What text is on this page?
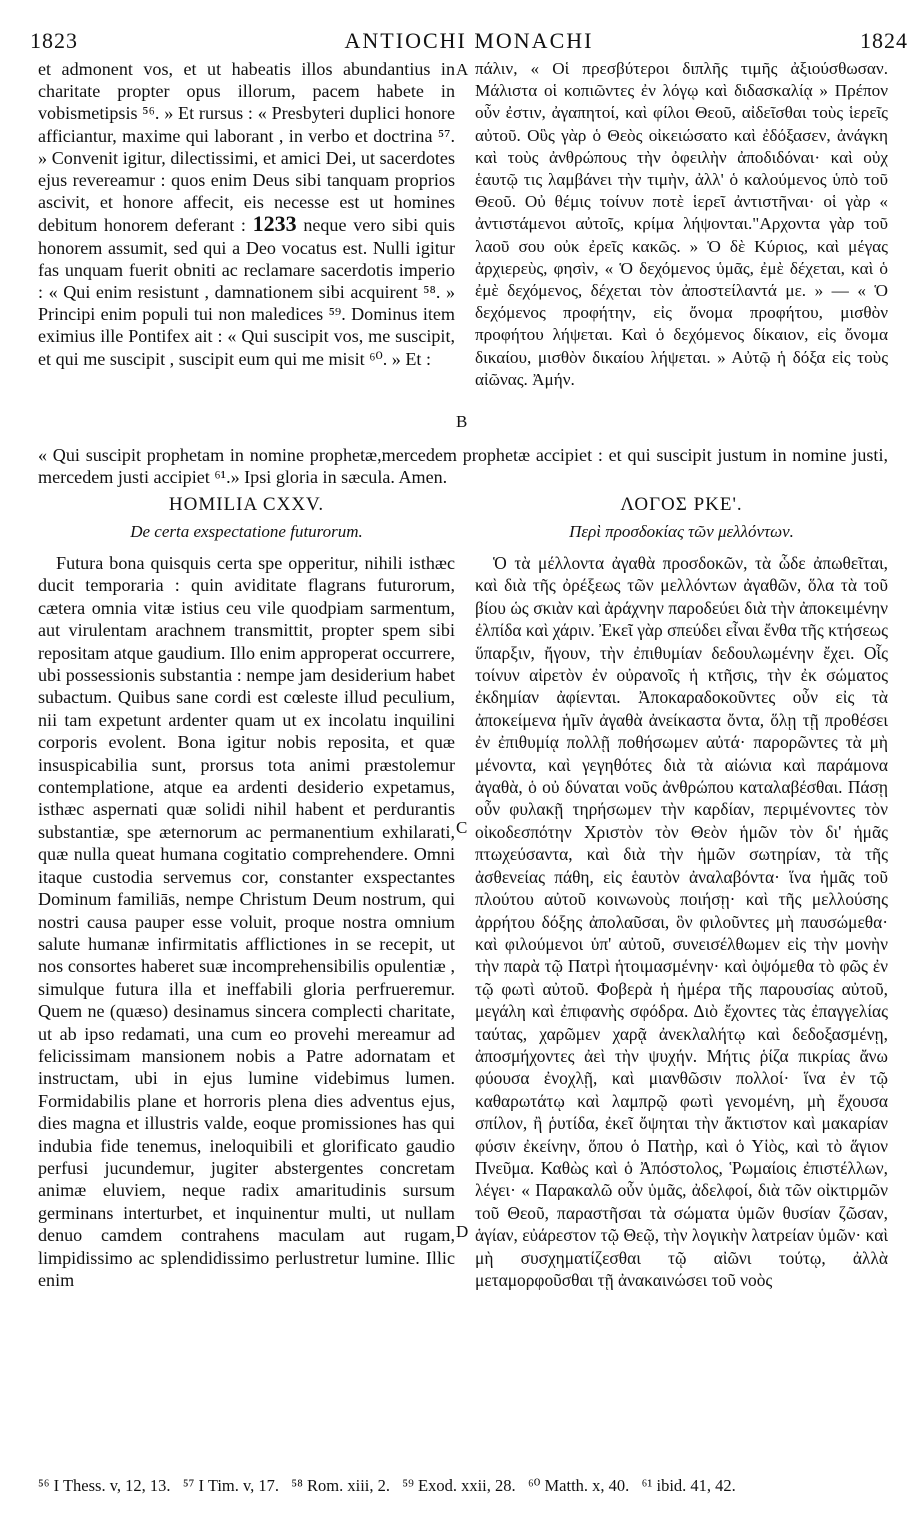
1823	ANTIOCHI MONACHI	1824

et admonent vos, et ut habeatis illos abundantius in charitate propter opus illorum, pacem habete in vobismetipsis ⁵⁶. » Et rursus : « Presbyteri duplici honore afficiantur, maxime qui laborant , in verbo et doctrina ⁵⁷. » Convenit igitur, dilectissimi, et amici Dei, ut sacerdotes ejus revereamur : quos enim Deus sibi tanquam proprios ascivit, et honore affecit, eis necesse est ut homines debitum honorem deferant : 1233 neque vero sibi quis honorem assumit, sed qui a Deo vocatus est. Nulli igitur fas unquam fuerit obniti ac reclamare sacerdotis imperio : « Qui enim resistunt , damnationem sibi acquirent ⁵⁸. » Principi enim populi tui non maledices ⁵⁹. Dominus item eximius ille Pontifex ait : « Qui suscipit vos, me suscipit, et qui me suscipit , suscipit eum qui me misit ⁶⁰. » Et :

πάλιν, « Οἱ πρεσβύτεροι διπλῆς τιμῆς ἀξιούσθωσαν. Μάλιστα οἱ κοπιῶντες ἐν λόγῳ καὶ διδασκαλίᾳ » Πρέπον οὖν ἐστιν, ἀγαπητοί, καὶ φίλοι Θεοῦ, αἰδεῖσθαι τοὺς ἱερεῖς αὐτοῦ. Οὓς γὰρ ὁ Θεὸς οἰκειώσατο καὶ ἐδόξασεν, ἀνάγκη καὶ τοὺς ἀνθρώπους τὴν ὀφειλὴν ἀποδιδόναι· καὶ οὐχ ἑαυτῷ τις λαμβάνει τὴν τιμὴν, ἀλλ' ὁ καλούμενος ὑπὸ τοῦ Θεοῦ. Οὐ θέμις τοίνυν ποτὲ ἱερεῖ ἀντιστῆναι· οἱ γὰρ « ἀντιστάμενοι αὐτοῖς, κρίμα λήψονται."Αρχοντα γὰρ τοῦ λαοῦ σου οὐκ ἐρεῖς κακῶς. » Ὁ δὲ Κύριος, καὶ μέγας ἀρχιερεὺς, φησὶν, « Ὁ δεχόμενος ὑμᾶς, ἐμὲ δέχεται, καὶ ὁ ἐμὲ δεχόμενος, δέχεται τὸν ἀποστείλαντά με. » — « Ὁ δεχόμενος προφήτην, εἰς ὄνομα προφήτου, μισθὸν προφήτου λήψεται. Καὶ ὁ δεχόμενος δίκαιον, εἰς ὄνομα δικαίου, μισθὸν δικαίου λήψεται. » Αὐτῷ ἡ δόξα εἰς τοὺς αἰῶνας. Ἀμήν.

A
B
« Qui suscipit prophetam in nomine prophetæ,mercedem prophetæ accipiet : et qui suscipit justum in nomine justi, mercedem justi accipiet ⁶¹.» Ipsi gloria in sæcula. Amen.
HOMILIA CXXV.
De certa exspectatione futurorum.
ΛΟΓΟΣ ΡΚΕ'.
Περὶ προσδοκίας τῶν μελλόντων.

Futura bona quisquis certa spe opperitur, nihili isthæc ducit temporaria : quin aviditate flagrans futurorum, cætera omnia vitæ istius ceu vile quodpiam sarmentum, aut virulentam arachnem transmittit, propter spem sibi repositam atque gaudium. Illo enim approperat occurrere, ubi possessionis substantia : nempe jam desiderium habet subactum. Quibus sane cordi est cœleste illud peculium, nii tam expetunt ardenter quam ut ex incolatu inquilini corporis evolent. Bona igitur nobis reposita, et quæ insuspicabilia sunt, prorsus tota animi præstolemur contemplatione, atque ea ardenti desiderio expetamus, isthæc aspernati quæ solidi nihil habent et perdurantis substantiæ, spe æternorum ac permanentium exhilarati, quæ nulla queat humana cogitatio comprehendere. Omni itaque custodia servemus cor, constanter exspectantes Dominum familiās, nempe Christum Deum nostrum, qui nostri causa pauper esse voluit, proque nostra omnium salute humanæ infirmitatis afflictiones in se recepit, ut nos consortes haberet suæ incomprehensibilis opulentiæ , simulque futura illa et ineffabili gloria perfrueremur. Quem ne (quæso) desinamus sincera complecti charitate, ut ab ipso redamati, una cum eo provehi mereamur ad felicissimam mansionem nobis a Patre adornatam et instructam, ubi in ejus lumine videbimus lumen. Formidabilis plane et horroris plena dies adventus ejus, dies magna et illustris valde, eoque promissiones has qui indubia fide tenemus, ineloquibili et glorificato gaudio perfusi jucundemur, jugiter abstergentes concretam animæ eluviem, neque radix amaritudinis sursum germinans interturbet, et inquinentur multi, ut nullam denuo camdem contrahens maculam aut rugam, limpidissimo ac splendidissimo perlustretur lumine. Illic enim

Ὁ τὰ μέλλοντα ἀγαθὰ προσδοκῶν, τὰ ὧδε ἀπωθεῖται, καὶ διὰ τῆς ὀρέξεως τῶν μελλόντων ἀγαθῶν, ὅλα τὰ τοῦ βίου ὡς σκιὰν καὶ ἀράχνην παροδεύει διὰ τὴν ἀποκειμένην ἐλπίδα καὶ χάριν. Ἐκεῖ γὰρ σπεύδει εἶναι ἔνθα τῆς κτήσεως ὕπαρξιν, ἤγουν, τὴν ἐπιθυμίαν δεδουλωμένην ἔχει. Οἷς τοίνυν αἱρετὸν ἐν οὐρανοῖς ἡ κτῆσις, τὴν ἐκ σώματος ἐκδημίαν ἀφίενται. Ἀποκαραδοκοῦντες οὖν εἰς τὰ ἀποκείμενα ἡμῖν ἀγαθὰ ἀνείκαστα ὄντα, ὅλῃ τῇ προθέσει ἐν ἐπιθυμίᾳ πολλῇ ποθήσωμεν αὐτά· παρορῶντες τὰ μὴ μένοντα, καὶ γεγηθότες διὰ τὰ αἰώνια καὶ παράμονα ἀγαθὰ, ὁ οὐ δύναται νοῦς ἀνθρώπου καταλαβέσθαι. Πάσῃ οὖν φυλακῇ τηρήσωμεν τὴν καρδίαν, περιμένοντες τὸν οἰκοδεσπότην Χριστὸν τὸν Θεὸν ἡμῶν τὸν δι' ἡμᾶς πτωχεύσαντα, καὶ διὰ τὴν ἡμῶν σωτηρίαν, τὰ τῆς ἀσθενείας πάθη, εἰς ἑαυτὸν ἀναλαβόντα· ἵνα ἡμᾶς τοῦ πλούτου αὐτοῦ κοινωνοὺς ποιήσῃ· καὶ τῆς μελλούσης ἀρρήτου δόξης ἀπολαῦσαι, ὃν φιλοῦντες μὴ παυσώμεθα· καὶ φιλούμενοι ὑπ' αὐτοῦ, συνεισέλθωμεν εἰς τὴν μονὴν τὴν παρὰ τῷ Πατρὶ ἡτοιμασμένην· καὶ ὀψόμεθα τὸ φῶς ἐν τῷ φωτὶ αὐτοῦ. Φοβερὰ ἡ ἡμέρα τῆς παρουσίας αὐτοῦ, μεγάλη καὶ ἐπιφανὴς σφόδρα. Διὸ ἔχοντες τὰς ἐπαγγελίας ταύτας, χαρῶμεν χαρᾷ ἀνεκλαλήτῳ καὶ δεδοξασμένῃ, ἀποσμήχοντες ἀεὶ τὴν ψυχήν. Μήτις ῥίζα πικρίας ἄνω φύουσα ἐνοχλῇ, καὶ μιανθῶσιν πολλοί· ἵνα ἐν τῷ καθαρωτάτῳ καὶ λαμπρῷ φωτὶ γενομένη, μὴ ἔχουσα σπίλον, ἢ ῥυτίδα, ἐκεῖ ὄψηται τὴν ἄκτιστον καὶ μακαρίαν φύσιν ἐκείνην, ὅπου ὁ Πατὴρ, καὶ ὁ Υἱὸς, καὶ τὸ ἅγιον Πνεῦμα. Καθὼς καὶ ὁ Ἀπόστολος, Ῥωμαίοις ἐπιστέλλων, λέγει· « Παρακαλῶ οὖν ὑμᾶς, ἀδελφοί, διὰ τῶν οἰκτιρμῶν τοῦ Θεοῦ, παραστῆσαι τὰ σώματα ὑμῶν θυσίαν ζῶσαν, ἁγίαν, εὐάρεστον τῷ Θεῷ, τὴν λογικὴν λατρείαν ὑμῶν· καὶ μὴ συσχηματίζεσθαι τῷ αἰῶνι τούτῳ, ἀλλὰ μεταμορφοῦσθαι τῇ ἀνακαινώσει τοῦ νοὸς

C
D
⁵⁶ I Thess. v, 12, 13.   ⁵⁷ I Tim. v, 17.   ⁵⁸ Rom. xiii, 2.   ⁵⁹ Exod. xxii, 28.   ⁶⁰ Matth. x, 40.   ⁶¹ ibid. 41, 42.
